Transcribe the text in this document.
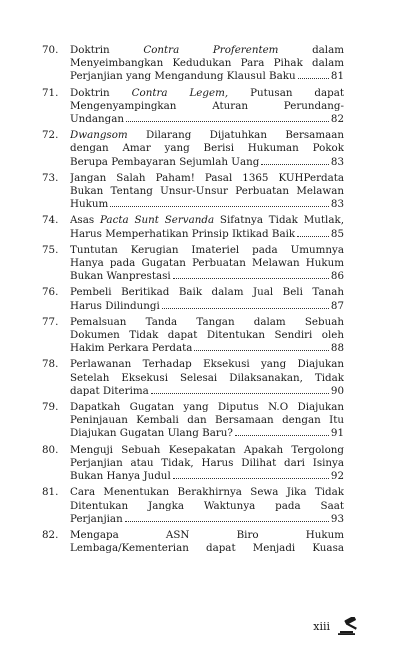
70.	Doktrin Contra Proferentem dalam
Menyeimbangkan Kedudukan Para Pihak dalam
Perjanjian yang Mengandung Klausul Baku	81
71.	Doktrin Contra Legem, Putusan dapat
Mengenyampingkan Aturan Perundang-
Undangan	82
72.	Dwangsom Dilarang Dijatuhkan Bersamaan
dengan Amar yang Berisi Hukuman Pokok
Berupa Pembayaran Sejumlah Uang	83
73.	Jangan Salah Paham! Pasal 1365 KUHPerdata
Bukan Tentang Unsur-Unsur Perbuatan Melawan
Hukum	83
74.	Asas Pacta Sunt Servanda Sifatnya Tidak Mutlak,
Harus Memperhatikan Prinsip Iktikad Baik	85
75.	Tuntutan Kerugian Imateriel pada Umumnya
Hanya pada Gugatan Perbuatan Melawan Hukum
Bukan Wanprestasi	86
76.	Pembeli Beritikad Baik dalam Jual Beli Tanah
Harus Dilindungi	87
77.	Pemalsuan Tanda Tangan dalam Sebuah
Dokumen Tidak dapat Ditentukan Sendiri oleh
Hakim Perkara Perdata	88
78.	Perlawanan Terhadap Eksekusi yang Diajukan
Setelah Eksekusi Selesai Dilaksanakan, Tidak
dapat Diterima	90
79.	Dapatkah Gugatan yang Diputus N.O Diajukan
Peninjauan Kembali dan Bersamaan dengan Itu
Diajukan Gugatan Ulang Baru?	91
80.	Menguji Sebuah Kesepakatan Apakah Tergolong
Perjanjian atau Tidak, Harus Dilihat dari Isinya
Bukan Hanya Judul	92
81.	Cara Menentukan Berakhirnya Sewa Jika Tidak
Ditentukan Jangka Waktunya pada Saat
Perjanjian	93
82.	Mengapa ASN Biro Hukum
Lembaga/Kementerian dapat Menjadi Kuasa
xiii
